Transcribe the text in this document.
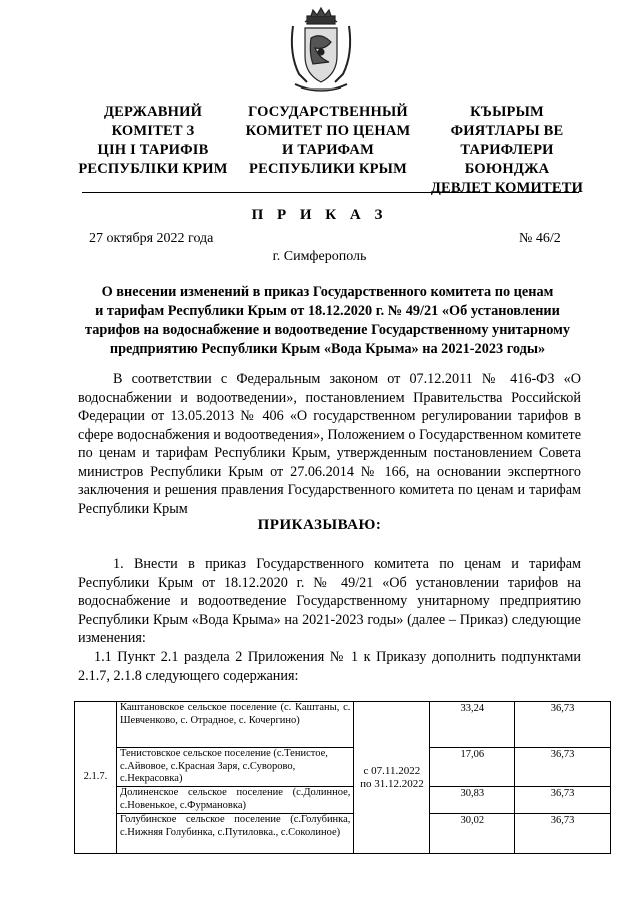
ДЕРЖАВНИЙ
КОМІТЕТ З
ЦІН І ТАРИФІВ
РЕСПУБЛІКИ КРИМ
ГОСУДАРСТВЕННЫЙ
КОМИТЕТ ПО ЦЕНАМ
И ТАРИФАМ
РЕСПУБЛИКИ КРЫМ
КЪЫРЫМ
ФИЯТЛАРЫ ВЕ
ТАРИФЛЕРИ БОЮНДЖА
ДЕВЛЕТ КОМИТЕТИ
П Р И К А З
27 октября 2022 года	№ 46/2
г. Симферополь
О внесении изменений в приказ Государственного комитета по ценам
и тарифам Республики Крым от 18.12.2020 г. № 49/21 «Об установлении
тарифов на водоснабжение и водоотведение Государственному унитарному
предприятию Республики Крым «Вода Крыма» на 2021-2023 годы»

В соответствии с Федеральным законом от 07.12.2011 № 416-ФЗ «О водоснабжении и водоотведении», постановлением Правительства Российской Федерации от 13.05.2013 № 406 «О государственном регулировании тарифов в сфере водоснабжения и водоотведения», Положением о Государственном комитете по ценам и тарифам Республики Крым, утвержденным постановлением Совета министров Республики Крым от 27.06.2014 № 166, на основании экспертного заключения и решения правления Государственного комитета по ценам и тарифам Республики Крым

ПРИКАЗЫВАЮ:

1. Внести в приказ Государственного комитета по ценам и тарифам Республики Крым от 18.12.2020 г. № 49/21 «Об установлении тарифов на водоснабжение и водоотведение Государственному унитарному предприятию Республики Крым «Вода Крыма» на 2021-2023 годы» (далее – Приказ) следующие изменения:

1.1 Пункт 2.1 раздела 2 Приложения № 1 к Приказу дополнить подпунктами 2.1.7, 2.1.8 следующего содержания:

2.1.7.	Каштановское сельское поселение (с. Каштаны, с. Шевченково, с. Отрадное, с. Кочергино)	с 07.11.2022
по 31.12.2022	33,24	36,73
	Тенистовское сельское поселение (с.Тенистое, с.Айвовое, с.Красная Заря, с.Суворово, с.Некрасовка)		17,06	36,73
	Долиненское сельское поселение (с.Долинное, с.Новенькое, с.Фурмановка)		30,83	36,73
	Голубинское сельское поселение (с.Голубинка, с.Нижняя Голубинка, с.Путиловка., с.Соколиное)		30,02	36,73
